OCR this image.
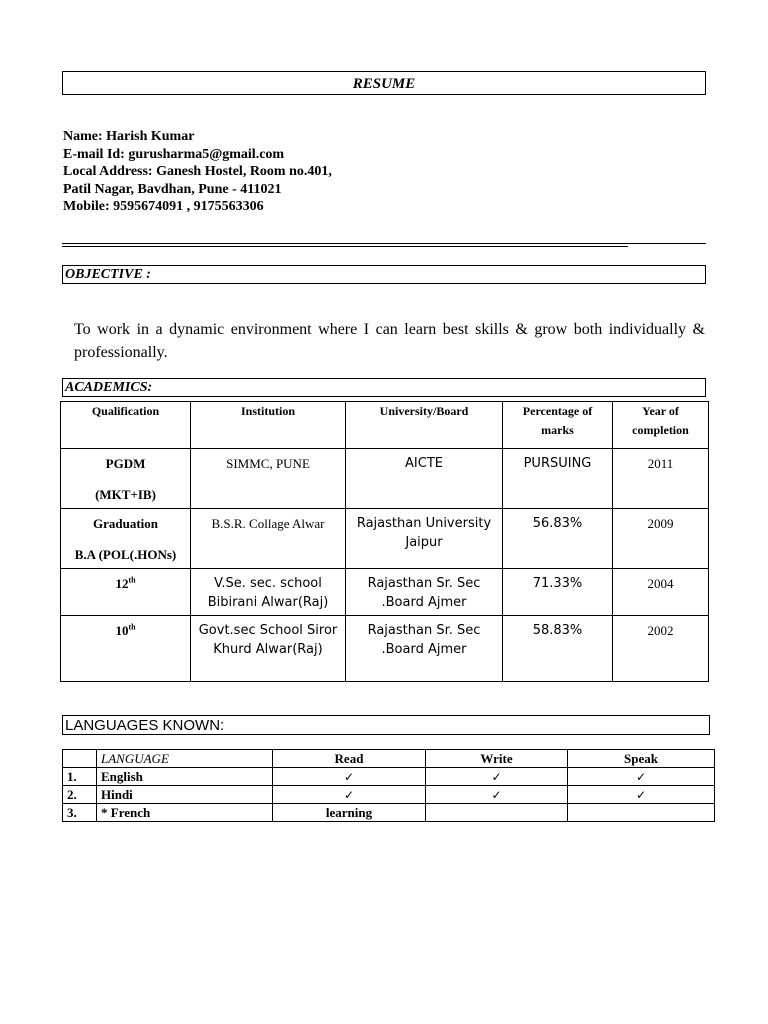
RESUME
Name: Harish Kumar
E-mail Id: gurusharma5@gmail.com
Local Address: Ganesh Hostel, Room no.401,
Patil Nagar, Bavdhan, Pune - 411021
Mobile: 9595674091 , 9175563306
OBJECTIVE :
To work in a dynamic environment where I can learn best skills & grow both individually & professionally.
ACADEMICS:
Qualification	Institution	University/Board	Percentage of marks	Year of completion

PGDM
(MKT+IB)	SIMMC, PUNE	AICTE	PURSUING	2011

Graduation
B.A (POL(.HONs)	B.S.R. Collage Alwar	Rajasthan University Jaipur	56.83%	2009
12th	V.Se. sec. school Bibirani Alwar(Raj)	Rajasthan Sr. Sec .Board Ajmer	71.33%	2004
10th	Govt.sec School Siror Khurd Alwar(Raj)	Rajasthan Sr. Sec .Board Ajmer	58.83%	2002
LANGUAGES KNOWN:
	LANGUAGE	Read	Write	Speak
1.	English	✓	✓	✓
2.	Hindi	✓	✓	✓
3.	* French	learning		
